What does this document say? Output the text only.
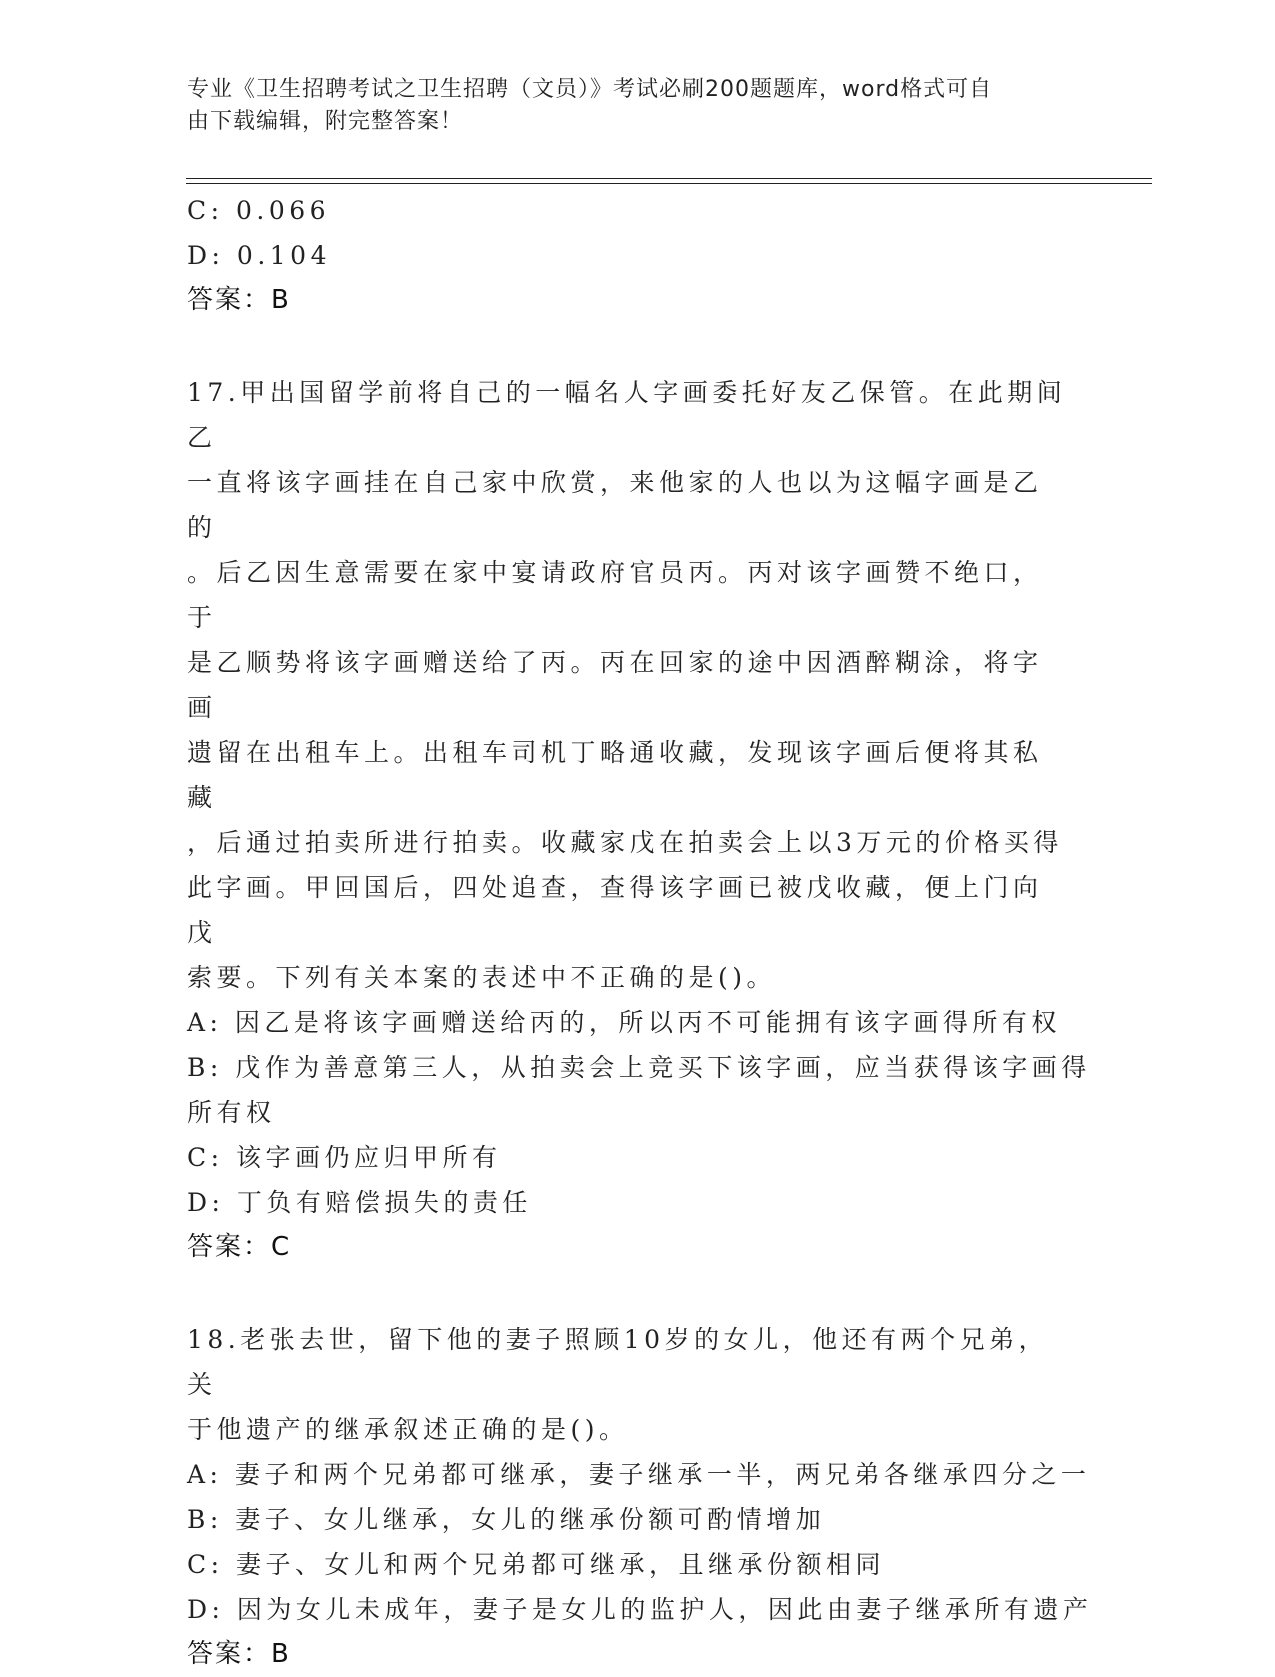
专业《卫生招聘考试之卫生招聘（文员）》考试必刷200题题库，word格式可自
由下载编辑，附完整答案！
C: 0.066
D: 0.104
答案：B
17.甲出国留学前将自己的一幅名人字画委托好友乙保管。在此期间乙
一直将该字画挂在自己家中欣赏，来他家的人也以为这幅字画是乙的
。后乙因生意需要在家中宴请政府官员丙。丙对该字画赞不绝口，于
是乙顺势将该字画赠送给了丙。丙在回家的途中因酒醉糊涂，将字画
遗留在出租车上。出租车司机丁略通收藏，发现该字画后便将其私藏
，后通过拍卖所进行拍卖。收藏家戊在拍卖会上以3万元的价格买得
此字画。甲回国后，四处追查，查得该字画已被戊收藏，便上门向戊
索要。下列有关本案的表述中不正确的是()。
A: 因乙是将该字画赠送给丙的，所以丙不可能拥有该字画得所有权
B: 戊作为善意第三人，从拍卖会上竞买下该字画，应当获得该字画得
所有权
C: 该字画仍应归甲所有
D: 丁负有赔偿损失的责任
答案：C
18.老张去世，留下他的妻子照顾10岁的女儿，他还有两个兄弟，关
于他遗产的继承叙述正确的是()。
A: 妻子和两个兄弟都可继承，妻子继承一半，两兄弟各继承四分之一
B: 妻子、女儿继承，女儿的继承份额可酌情增加
C: 妻子、女儿和两个兄弟都可继承，且继承份额相同
D: 因为女儿未成年，妻子是女儿的监护人，因此由妻子继承所有遗产
答案：B
